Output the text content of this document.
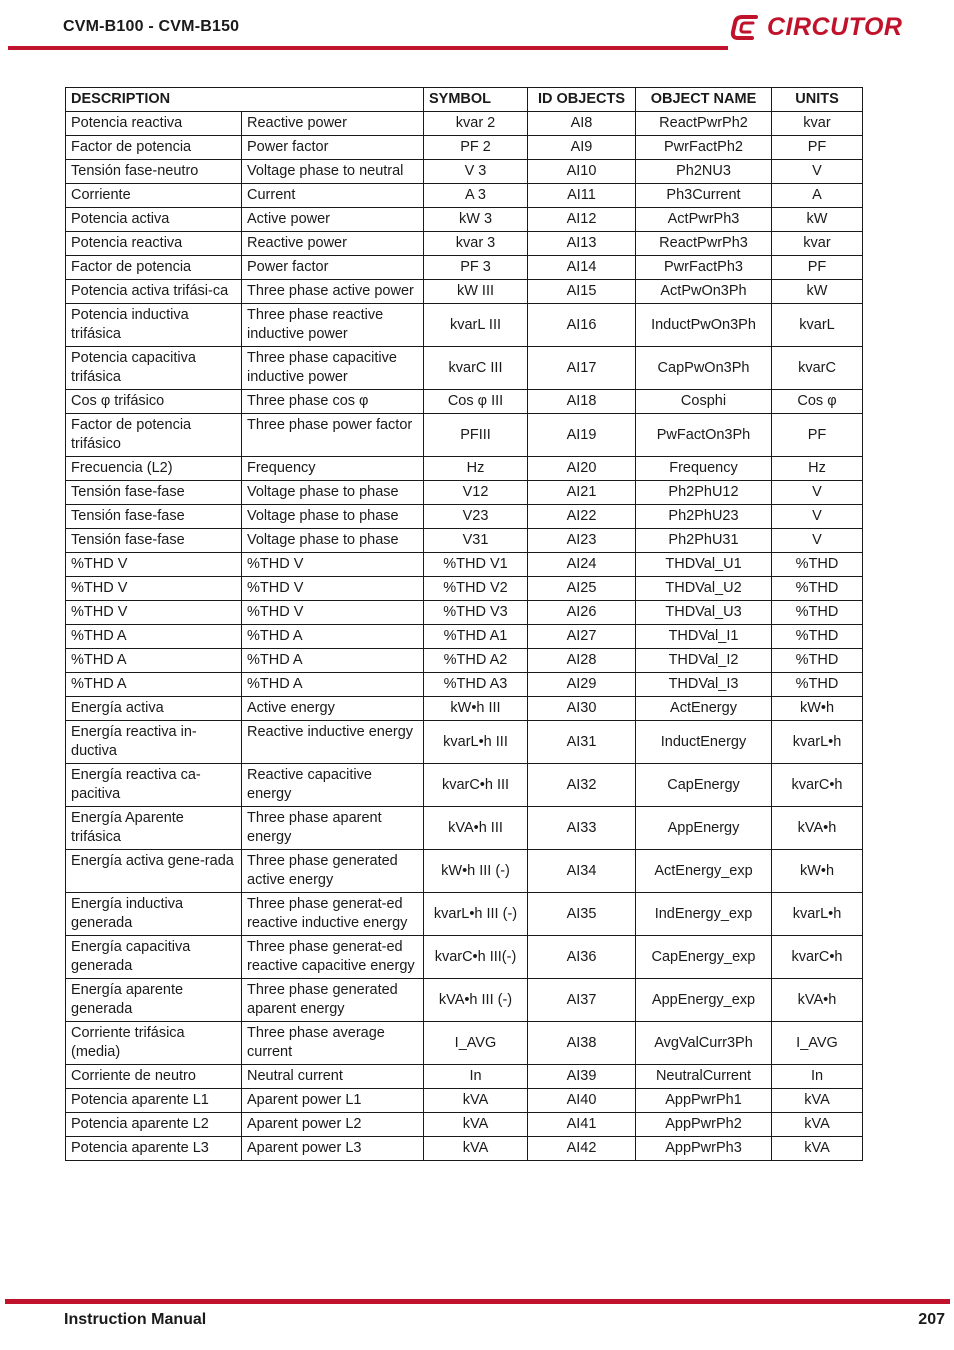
CVM-B100 - CVM-B150	CIRCUTOR
DESCRIPTION		SYMBOL	ID OBJECTS	OBJECT NAME	UNITS
Potencia reactiva	Reactive power	kvar 2	AI8	ReactPwrPh2	kvar
Factor de potencia	Power factor	PF 2	AI9	PwrFactPh2	PF
Tensión fase-neutro	Voltage phase to neutral	V 3	AI10	Ph2NU3	V
Corriente	Current	A 3	AI11	Ph3Current	A
Potencia activa	Active power	kW 3	AI12	ActPwrPh3	kW
Potencia reactiva	Reactive power	kvar 3	AI13	ReactPwrPh3	kvar
Factor de potencia	Power factor	PF 3	AI14	PwrFactPh3	PF
Potencia activa trifási-ca	Three phase active power	kW III	AI15	ActPwOn3Ph	kW
Potencia inductiva trifásica	Three phase reactive inductive power	kvarL III	AI16	InductPwOn3Ph	kvarL
Potencia capacitiva trifásica	Three phase capacitive inductive power	kvarC III	AI17	CapPwOn3Ph	kvarC
Cos φ trifásico	Three phase cos φ	Cos φ III	AI18	Cosphi	Cos φ
Factor de potencia trifásico	Three phase power factor	PFIII	AI19	PwFactOn3Ph	PF
Frecuencia (L2)	Frequency	Hz	AI20	Frequency	Hz
Tensión fase-fase	Voltage phase to phase	V12	AI21	Ph2PhU12	V
Tensión fase-fase	Voltage phase to phase	V23	AI22	Ph2PhU23	V
Tensión fase-fase	Voltage phase to phase	V31	AI23	Ph2PhU31	V
%THD V	%THD V	%THD V1	AI24	THDVal_U1	%THD
%THD V	%THD V	%THD V2	AI25	THDVal_U2	%THD
%THD V	%THD V	%THD V3	AI26	THDVal_U3	%THD
%THD A	%THD A	%THD A1	AI27	THDVal_I1	%THD
%THD A	%THD A	%THD A2	AI28	THDVal_I2	%THD
%THD A	%THD A	%THD A3	AI29	THDVal_I3	%THD
Energía activa	Active energy	kW•h III	AI30	ActEnergy	kW•h
Energía reactiva in-ductiva	Reactive inductive energy	kvarL•h III	AI31	InductEnergy	kvarL•h
Energía reactiva ca-pacitiva	Reactive capacitive energy	kvarC•h III	AI32	CapEnergy	kvarC•h
Energía Aparente trifásica	Three phase aparent energy	kVA•h III	AI33	AppEnergy	kVA•h
Energía activa gene-rada	Three phase generated active energy	kW•h III (-)	AI34	ActEnergy_exp	kW•h
Energía inductiva generada	Three phase generat-ed reactive inductive energy	kvarL•h III (-)	AI35	IndEnergy_exp	kvarL•h
Energía capacitiva generada	Three phase generat-ed reactive capacitive energy	kvarC•h III(-)	AI36	CapEnergy_exp	kvarC•h
Energía aparente generada	Three phase generated aparent energy	kVA•h III (-)	AI37	AppEnergy_exp	kVA•h
Corriente trifásica (media)	Three phase average current	I_AVG	AI38	AvgValCurr3Ph	I_AVG
Corriente de neutro	Neutral current	In	AI39	NeutralCurrent	In
Potencia aparente L1	Aparent power L1	kVA	AI40	AppPwrPh1	kVA
Potencia aparente L2	Aparent power L2	kVA	AI41	AppPwrPh2	kVA
Potencia aparente L3	Aparent power L3	kVA	AI42	AppPwrPh3	kVA
Instruction Manual	207
